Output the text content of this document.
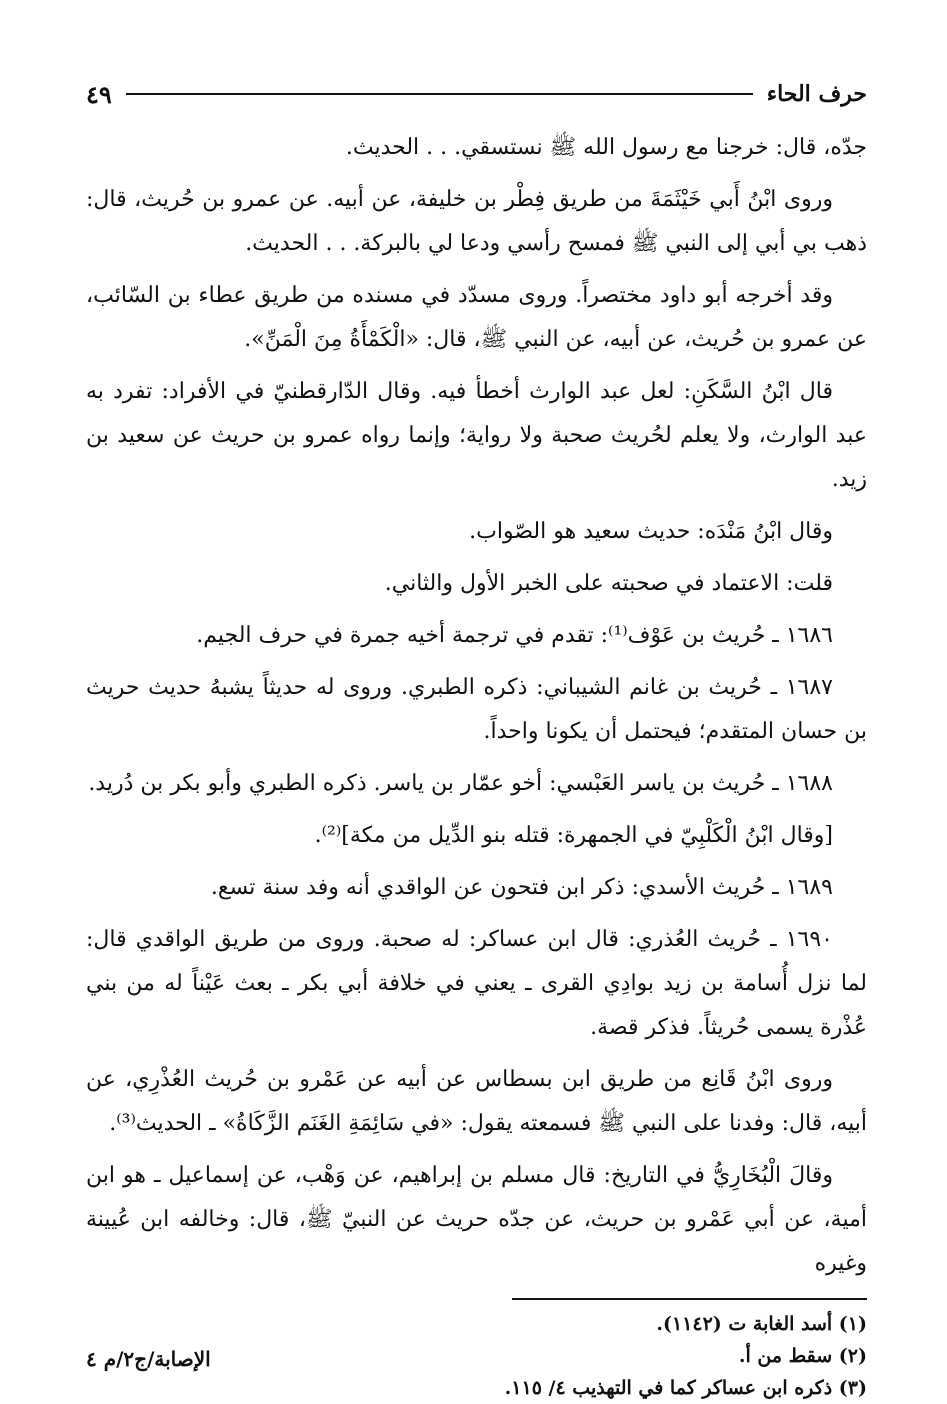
حرف الحاء
٤٩

جدّه، قال: خرجنا مع رسول الله ﷺ نستسقي. . . الحديث.

وروى ابْنُ أَبي خَيْثَمَةَ من طريق فِطْر بن خليفة، عن أبيه. عن عمرو بن حُريث، قال: ذهب بي أبي إلى النبي ﷺ فمسح رأسي ودعا لي بالبركة. . . الحديث.

وقد أخرجه أبو داود مختصراً. وروى مسدّد في مسنده من طريق عطاء بن السّائب، عن عمرو بن حُريث، عن أبيه، عن النبي ﷺ، قال: «الْكَمْأَةُ مِنَ الْمَنِّ».

قال ابْنُ السَّكَنِ: لعل عبد الوارث أخطأ فيه. وقال الدّارقطنيّ في الأفراد: تفرد به عبد الوارث، ولا يعلم لحُريث صحبة ولا رواية؛ وإنما رواه عمرو بن حريث عن سعيد بن زيد.

وقال ابْنُ مَنْدَه: حديث سعيد هو الصّواب.

قلت: الاعتماد في صحبته على الخبر الأول والثاني.

١٦٨٦ ـ حُريث بن عَوْف⁽¹⁾: تقدم في ترجمة أخيه جمرة في حرف الجيم.

١٦٨٧ ـ حُريث بن غانم الشيباني: ذكره الطبري. وروى له حديثاً يشبهُ حديث حريث بن حسان المتقدم؛ فيحتمل أن يكونا واحداً.

١٦٨٨ ـ حُريث بن ياسر العَبْسي: أخو عمّار بن ياسر. ذكره الطبري وأبو بكر بن دُريد.

[وقال ابْنُ الْكَلْبِيّ في الجمهرة: قتله بنو الدِّيل من مكة]⁽²⁾.

١٦٨٩ ـ حُريث الأسدي: ذكر ابن فتحون عن الواقدي أنه وفد سنة تسع.

١٦٩٠ ـ حُريث العُذري: قال ابن عساكر: له صحبة. وروى من طريق الواقدي قال: لما نزل أُسامة بن زيد بوادِي القرى ـ يعني في خلافة أبي بكر ـ بعث عَيْناً له من بني عُذْرة يسمى حُريثاً. فذكر قصة.

وروى ابْنُ قَانِع من طريق ابن بسطاس عن أبيه عن عَمْرو بن حُريث العُذْرِي، عن أبيه، قال: وفدنا على النبي ﷺ فسمعته يقول: «في سَائِمَةِ الغَنَم الزَّكَاةُ» ـ الحديث⁽³⁾.

وقالَ الْبُخَارِيُّ في التاريخ: قال مسلم بن إبراهيم، عن وَهْب، عن إسماعيل ـ هو ابن أمية، عن أبي عَمْرو بن حريث، عن جدّه حريث عن النبيّ ﷺ، قال: وخالفه ابن عُيينة وغيره

(١) أسد الغابة ت (١١٤٢).
(٢) سقط من أ.
(٣) ذكره ابن عساكر كما في التهذيب ٤/ ١١٥.
الإصابة/ج٢/م ٤
